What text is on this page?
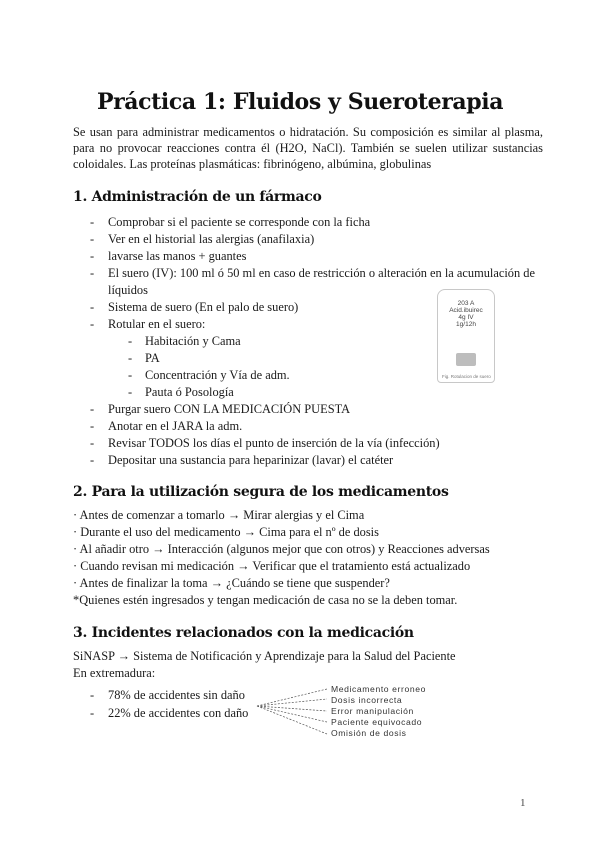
Práctica 1: Fluidos y Sueroterapia

Se usan para administrar medicamentos o hidratación. Su composición es similar al plasma, para no provocar reacciones contra él (H2O, NaCl). También se suelen utilizar sustancias coloidales. Las proteínas plasmáticas: fibrinógeno, albúmina, globulinas

1. Administración de un fármaco
- Comprobar si el paciente se corresponde con la ficha
- Ver en el historial las alergias (anafilaxia)
- lavarse las manos + guantes
- El suero (IV): 100 ml ó 50 ml en caso de restricción o alteración en la acumulación de líquidos
- Sistema de suero (En el palo de suero)
- Rotular en el suero:
- Habitación y Cama
- PA
- Concentración y Vía de adm.
- Pauta ó Posología
- Purgar suero CON LA MEDICACIÓN PUESTA
- Anotar en el JARA la adm.
- Revisar TODOS los días el punto de inserción de la vía (infección)
- Depositar una sustancia para heparinizar (lavar) el catéter
203 A
Acid.ibuirec
4g IV
1g/12h
Fig. Rotulacion de suero
2. Para la utilización segura de los medicamentos
· Antes de comenzar a tomarlo → Mirar alergias y el Cima
· Durante el uso del medicamento → Cima para el nº de dosis
· Al añadir otro → Interacción (algunos mejor que con otros) y Reacciones adversas
· Cuando revisan mi medicación → Verificar que el tratamiento está actualizado
· Antes de finalizar la toma → ¿Cuándo se tiene que suspender?
*Quienes estén ingresados y tengan medicación de casa no se la deben tomar.
3. Incidentes relacionados con la medicación
SiNASP → Sistema de Notificación y Aprendizaje para la Salud del Paciente
En extremadura:
- 78% de accidentes sin daño
- 22% de accidentes con daño
Medicamento erroneo
Dosis incorrecta
Error manipulación
Paciente equivocado
Omisión de dosis
1
